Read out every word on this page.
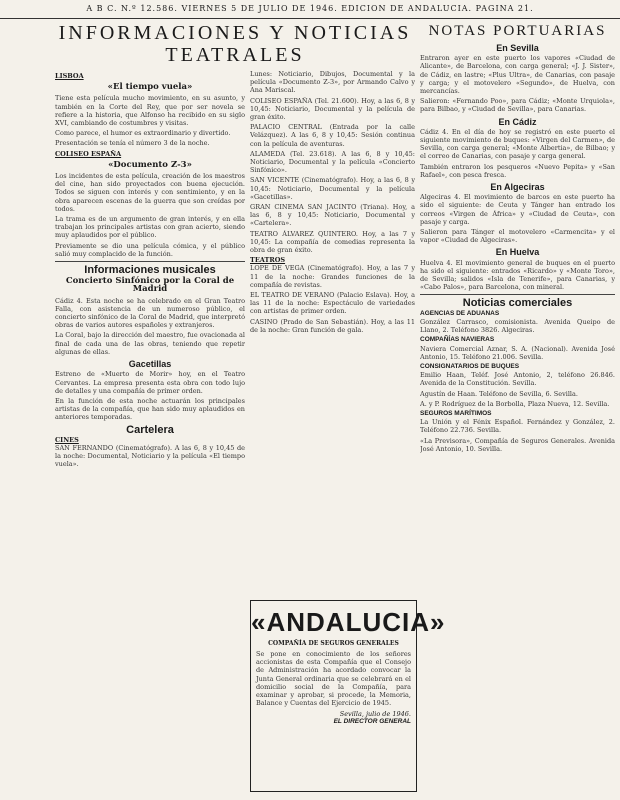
A B C. N.º 12.586. VIERNES 5 DE JULIO DE 1946. EDICION DE ANDALUCIA. PAGINA 21.
INFORMACIONES Y NOTICIAS TEATRALES
LISBOA
«El tiempo vuela»
Tiene esta película mucho movimiento, en su asunto, y también en la Corte del Rey, que por ser novela se refiere a la historia, que Alfonso ha recibido en su siglo XVI, cambiando de costumbres y visitas.
Como parece, el humor es extraordinario y divertido.
Presentación se tenía el número 3 de la noche.
COLISEO ESPAÑA
«Documento Z-3»
Los incidentes de esta película, creación de los maestros del cine, han sido proyectados con buena ejecución. Todos se siguen con interés y con sentimiento, y en la obra aparecen escenas de la guerra que son creídas por todos.
La trama es de un argumento de gran interés, y en ella trabajan los principales artistas con gran acierto, siendo muy aplaudidos por el público.
Previamente se dio una película cómica, y el público salió muy complacido de la función.
Informaciones musicales
Concierto Sinfónico por la Coral de Madrid
Cádiz 4. Esta noche se ha celebrado en el Gran Teatro Falla, con asistencia de un numeroso público, el concierto sinfónico de la Coral de Madrid, que interpretó obras de varios autores españoles y extranjeros.
La Coral, bajo la dirección del maestro, fue ovacionada al final de cada una de las obras, teniendo que repetir algunas de ellas.
Gacetillas
Estreno de «Muerto de Morir» hoy, en el Teatro Cervantes. La empresa presenta esta obra con todo lujo de detalles y una compañía de primer orden.
En la función de esta noche actuarán los principales artistas de la compañía, que han sido muy aplaudidos en anteriores temporadas.
Cartelera
CINES
SAN FERNANDO (Cinematógrafo). A las 6, 8 y 10,45 de la noche: Documental, Noticiario y la película «El tiempo vuela».
Lunes: Noticiario, Dibujos, Documental y la película «Documento Z-3», por Armando Calvo y Ana Mariscal.
COLISEO ESPAÑA (Tel. 21.600). Hoy, a las 6, 8 y 10,45: Noticiario, Documental y la película de gran éxito.
PALACIO CENTRAL (Entrada por la calle Velázquez). A las 6, 8 y 10,45: Sesión continua con la película de aventuras.
ALAMEDA (Tel. 23.618). A las 6, 8 y 10,45: Noticiario, Documental y la película «Concierto Sinfónico».
SAN VICENTE (Cinematógrafo). Hoy, a las 6, 8 y 10,45: Noticiario, Documental y la película «Gacetillas».
GRAN CINEMA SAN JACINTO (Triana). Hoy, a las 6, 8 y 10,45: Noticiario, Documental y «Cartelera».
TEATRO ÁLVAREZ QUINTERO. Hoy, a las 7 y 10,45: La compañía de comedias representa la obra de gran éxito.
TEATROS
LOPE DE VEGA (Cinematógrafo). Hoy, a las 7 y 11 de la noche: Grandes funciones de la compañía de revistas.
EL TEATRO DE VERANO (Palacio Eslava). Hoy, a las 11 de la noche: Espectáculo de variedades con artistas de primer orden.
CASINO (Prado de San Sebastián). Hoy, a las 11 de la noche: Gran función de gala.
«ANDALUCIA»
COMPAÑÍA DE SEGUROS GENERALES
Se pone en conocimiento de los señores accionistas de esta Compañía que el Consejo de Administración ha acordado convocar la Junta General ordinaria que se celebrará en el domicilio social de la Compañía, para examinar y aprobar, si procede, la Memoria, Balance y Cuentas del Ejercicio de 1945.
Sevilla, julio de 1946.
EL DIRECTOR GENERAL
NOTAS PORTUARIAS
En Sevilla
Entraron ayer en este puerto los vapores «Ciudad de Alicante», de Barcelona, con carga general; «J. J. Sister», de Cádiz, en lastre; «Plus Ultra», de Canarias, con pasaje y carga; y el motovelero «Segundo», de Huelva, con mercancías.
Salieron: «Fernando Poo», para Cádiz; «Monte Urquiola», para Bilbao, y «Ciudad de Sevilla», para Canarias.
En Cádiz
Cádiz 4. En el día de hoy se registró en este puerto el siguiente movimiento de buques: «Virgen del Carmen», de Sevilla, con carga general; «Monte Albertia», de Bilbao; y el correo de Canarias, con pasaje y carga general.
También entraron los pesqueros «Nuevo Pepita» y «San Rafael», con pesca fresca.
En Algeciras
Algeciras 4. El movimiento de barcos en este puerto ha sido el siguiente: de Ceuta y Tánger han entrado los correos «Virgen de África» y «Ciudad de Ceuta», con pasaje y carga.
Salieron para Tánger el motovelero «Carmencita» y el vapor «Ciudad de Algeciras».
En Huelva
Huelva 4. El movimiento general de buques en el puerto ha sido el siguiente: entrados «Ricardo» y «Monte Toro», de Sevilla; salidos «Isla de Tenerife», para Canarias, y «Cabo Palos», para Barcelona, con mineral.
Noticias comerciales
AGENCIAS DE ADUANAS
González Carrasco, comisionista. Avenida Queipo de Llano, 2. Teléfono 3826. Algeciras.
COMPAÑÍAS NAVIERAS
Naviera Comercial Aznar, S. A. (Nacional). Avenida José Antonio, 15. Teléfono 21.006. Sevilla.
CONSIGNATARIOS DE BUQUES
Emilio Haan, Teléf. José Antonio, 2, teléfono 26.846. Avenida de la Constitución. Sevilla.
Agustín de Haan. Teléfono de Sevilla, 6. Sevilla.
A. y P. Rodríguez de la Borbolla, Plaza Nueva, 12. Sevilla.
SEGUROS MARÍTIMOS
La Unión y el Fénix Español. Fernández y González, 2. Teléfono 22.736. Sevilla.
«La Previsora», Compañía de Seguros Generales. Avenida José Antonio, 10. Sevilla.
